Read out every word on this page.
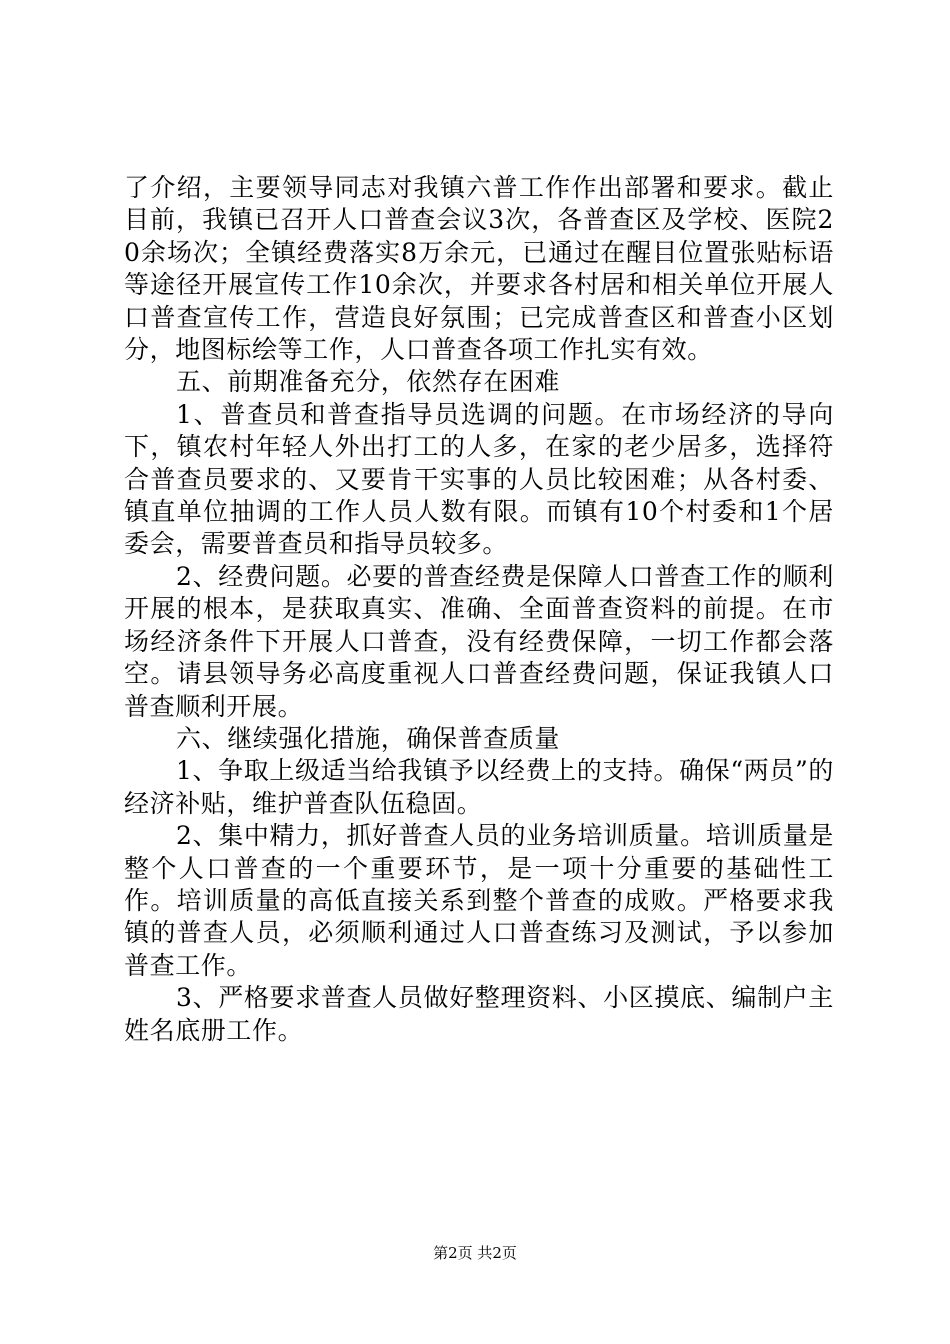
了介绍，主要领导同志对我镇六普工作作出部署和要求。截止目前，我镇已召开人口普查会议3次，各普查区及学校、医院20余场次；全镇经费落实8万余元，已通过在醒目位置张贴标语等途径开展宣传工作10余次，并要求各村居和相关单位开展人口普查宣传工作，营造良好氛围；已完成普查区和普查小区划分，地图标绘等工作，人口普查各项工作扎实有效。

五、前期准备充分，依然存在困难

1、普查员和普查指导员选调的问题。在市场经济的导向下，镇农村年轻人外出打工的人多，在家的老少居多，选择符合普查员要求的、又要肯干实事的人员比较困难；从各村委、镇直单位抽调的工作人员人数有限。而镇有10个村委和1个居委会，需要普查员和指导员较多。

2、经费问题。必要的普查经费是保障人口普查工作的顺利开展的根本，是获取真实、准确、全面普查资料的前提。在市场经济条件下开展人口普查，没有经费保障，一切工作都会落空。请县领导务必高度重视人口普查经费问题，保证我镇人口普查顺利开展。

六、继续强化措施，确保普查质量

1、争取上级适当给我镇予以经费上的支持。确保“两员”的经济补贴，维护普查队伍稳固。

2、集中精力，抓好普查人员的业务培训质量。培训质量是整个人口普查的一个重要环节，是一项十分重要的基础性工作。培训质量的高低直接关系到整个普查的成败。严格要求我镇的普查人员，必须顺利通过人口普查练习及测试，予以参加普查工作。

3、严格要求普查人员做好整理资料、小区摸底、编制户主姓名底册工作。

第2页 共2页
